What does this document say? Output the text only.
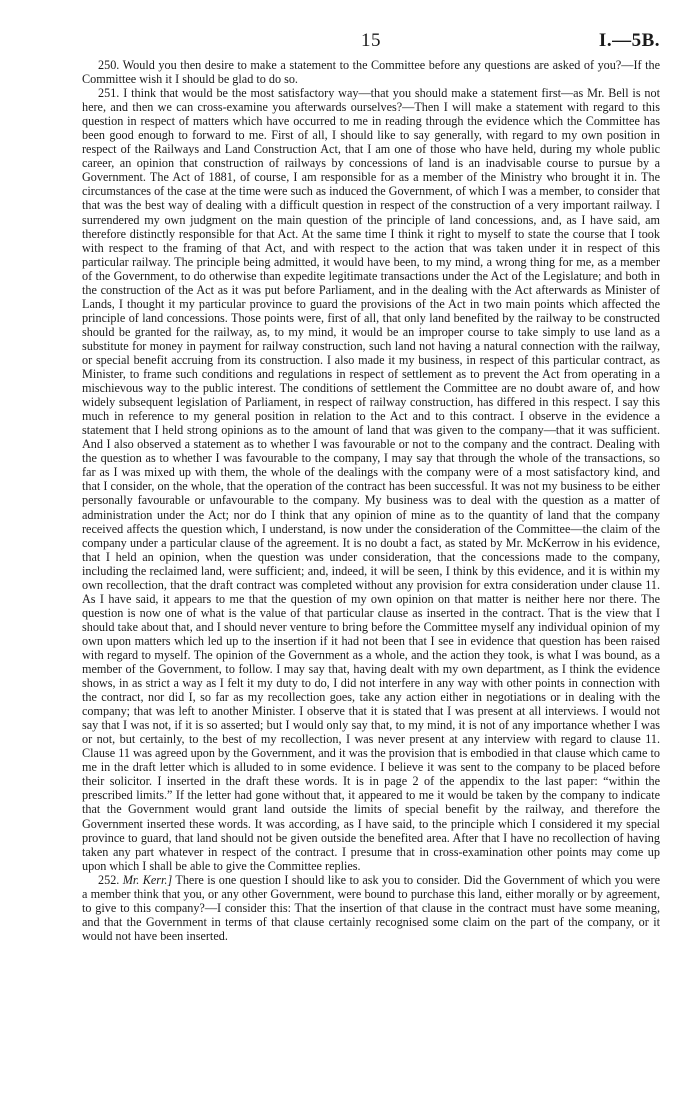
15	I.—5B.

250. Would you then desire to make a statement to the Committee before any questions are asked of you?—If the Committee wish it I should be glad to do so.

251. I think that would be the most satisfactory way—that you should make a statement first—as Mr. Bell is not here, and then we can cross-examine you afterwards ourselves?—Then I will make a statement with regard to this question in respect of matters which have occurred to me in reading through the evidence which the Committee has been good enough to forward to me. First of all, I should like to say generally, with regard to my own position in respect of the Railways and Land Construction Act, that I am one of those who have held, during my whole public career, an opinion that construction of railways by concessions of land is an inadvisable course to pursue by a Government. The Act of 1881, of course, I am responsible for as a member of the Ministry who brought it in. The circumstances of the case at the time were such as induced the Government, of which I was a member, to consider that that was the best way of dealing with a difficult question in respect of the construction of a very important railway. I surrendered my own judgment on the main question of the principle of land concessions, and, as I have said, am therefore distinctly responsible for that Act. At the same time I think it right to myself to state the course that I took with respect to the framing of that Act, and with respect to the action that was taken under it in respect of this particular railway. The principle being admitted, it would have been, to my mind, a wrong thing for me, as a member of the Government, to do otherwise than expedite legitimate transactions under the Act of the Legislature; and both in the construction of the Act as it was put before Parliament, and in the dealing with the Act afterwards as Minister of Lands, I thought it my particular province to guard the provisions of the Act in two main points which affected the principle of land concessions. Those points were, first of all, that only land benefited by the railway to be constructed should be granted for the railway, as, to my mind, it would be an improper course to take simply to use land as a substitute for money in payment for railway construction, such land not having a natural connection with the railway, or special benefit accruing from its construction. I also made it my business, in respect of this particular contract, as Minister, to frame such conditions and regulations in respect of settlement as to prevent the Act from operating in a mischievous way to the public interest. The conditions of settlement the Committee are no doubt aware of, and how widely subsequent legislation of Parliament, in respect of railway construction, has differed in this respect. I say this much in reference to my general position in relation to the Act and to this contract. I observe in the evidence a statement that I held strong opinions as to the amount of land that was given to the company—that it was sufficient. And I also observed a statement as to whether I was favourable or not to the company and the contract. Dealing with the question as to whether I was favourable to the company, I may say that through the whole of the transactions, so far as I was mixed up with them, the whole of the dealings with the company were of a most satisfactory kind, and that I consider, on the whole, that the operation of the contract has been successful. It was not my business to be either personally favourable or unfavourable to the company. My business was to deal with the question as a matter of administration under the Act; nor do I think that any opinion of mine as to the quantity of land that the company received affects the question which, I understand, is now under the consideration of the Committee—the claim of the company under a particular clause of the agreement. It is no doubt a fact, as stated by Mr. McKerrow in his evidence, that I held an opinion, when the question was under consideration, that the concessions made to the company, including the reclaimed land, were sufficient; and, indeed, it will be seen, I think by this evidence, and it is within my own recollection, that the draft contract was completed without any provision for extra consideration under clause 11. As I have said, it appears to me that the question of my own opinion on that matter is neither here nor there. The question is now one of what is the value of that particular clause as inserted in the contract. That is the view that I should take about that, and I should never venture to bring before the Committee myself any individual opinion of my own upon matters which led up to the insertion if it had not been that I see in evidence that question has been raised with regard to myself. The opinion of the Government as a whole, and the action they took, is what I was bound, as a member of the Government, to follow. I may say that, having dealt with my own department, as I think the evidence shows, in as strict a way as I felt it my duty to do, I did not interfere in any way with other points in connection with the contract, nor did I, so far as my recollection goes, take any action either in negotiations or in dealing with the company; that was left to another Minister. I observe that it is stated that I was present at all interviews. I would not say that I was not, if it is so asserted; but I would only say that, to my mind, it is not of any importance whether I was or not, but certainly, to the best of my recollection, I was never present at any interview with regard to clause 11. Clause 11 was agreed upon by the Government, and it was the provision that is embodied in that clause which came to me in the draft letter which is alluded to in some evidence. I believe it was sent to the company to be placed before their solicitor. I inserted in the draft these words. It is in page 2 of the appendix to the last paper: “within the prescribed limits.” If the letter had gone without that, it appeared to me it would be taken by the company to indicate that the Government would grant land outside the limits of special benefit by the railway, and therefore the Government inserted these words. It was according, as I have said, to the principle which I considered it my special province to guard, that land should not be given outside the benefited area. After that I have no recollection of having taken any part whatever in respect of the contract. I presume that in cross-examination other points may come up upon which I shall be able to give the Committee replies.

252. Mr. Kerr.] There is one question I should like to ask you to consider. Did the Government of which you were a member think that you, or any other Government, were bound to purchase this land, either morally or by agreement, to give to this company?—I consider this: That the insertion of that clause in the contract must have some meaning, and that the Government in terms of that clause certainly recognised some claim on the part of the company, or it would not have been inserted.
